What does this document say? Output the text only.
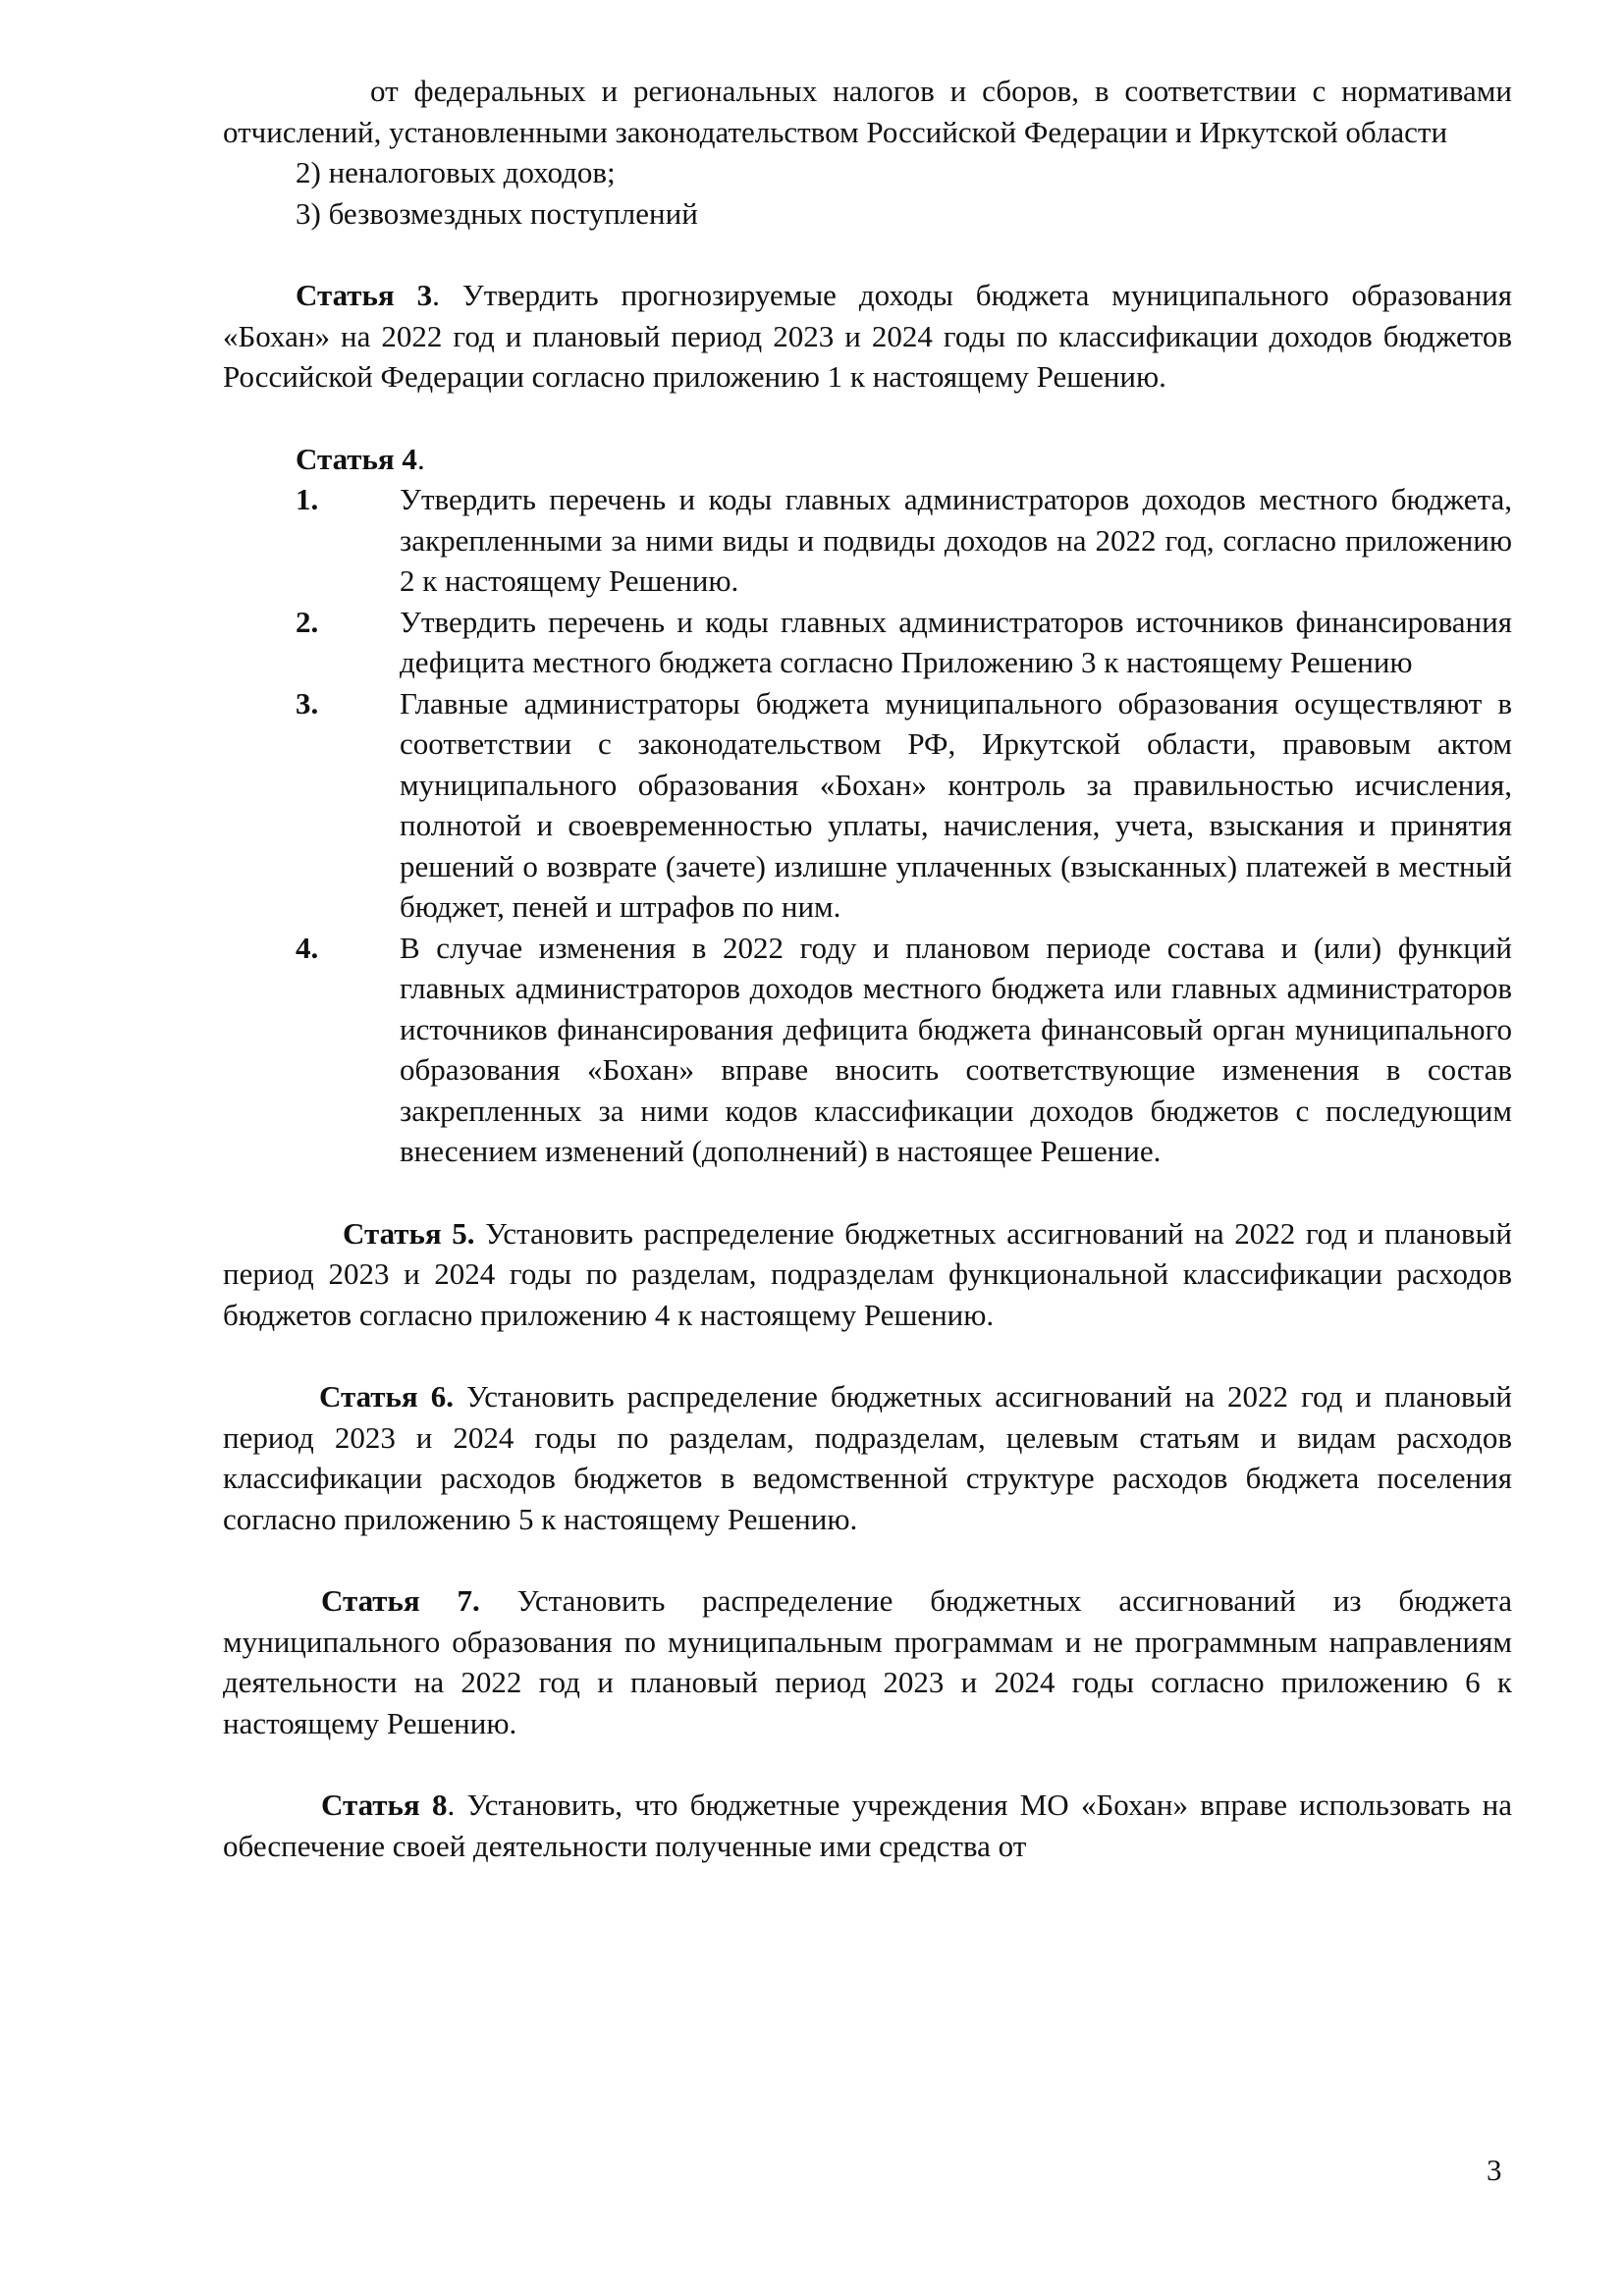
от федеральных и региональных налогов и сборов, в соответствии с нормативами отчислений, установленными законодательством Российской Федерации и Иркутской области

2) неналоговых доходов;

3) безвозмездных поступлений

Статья 3. Утвердить прогнозируемые доходы бюджета муниципального образования «Бохан» на 2022 год и плановый период 2023 и 2024 годы по классификации доходов бюджетов Российской Федерации согласно приложению 1 к настоящему Решению.

Статья 4.

1.	Утвердить перечень и коды главных администраторов доходов местного бюджета, закрепленными за ними виды и подвиды доходов на 2022 год, согласно приложению 2 к настоящему Решению.
2.	Утвердить перечень и коды главных администраторов источников финансирования дефицита местного бюджета согласно Приложению 3 к настоящему Решению
3.	Главные администраторы бюджета муниципального образования осуществляют в соответствии с законодательством РФ, Иркутской области, правовым актом муниципального образования «Бохан» контроль за правильностью исчисления, полнотой и своевременностью уплаты, начисления, учета, взыскания и принятия решений о возврате (зачете) излишне уплаченных (взысканных) платежей в местный бюджет, пеней и штрафов по ним.
4.	В случае изменения в 2022 году и плановом периоде состава и (или) функций главных администраторов доходов местного бюджета или главных администраторов источников финансирования дефицита бюджета финансовый орган муниципального образования «Бохан» вправе вносить соответствующие изменения в состав закрепленных за ними кодов классификации доходов бюджетов с последующим внесением изменений (дополнений) в настоящее Решение.

Статья 5. Установить распределение бюджетных ассигнований на 2022 год и плановый период 2023 и 2024 годы по разделам, подразделам функциональной классификации расходов бюджетов согласно приложению 4 к настоящему Решению.

Статья 6. Установить распределение бюджетных ассигнований на 2022 год и плановый период 2023 и 2024 годы по разделам, подразделам, целевым статьям и видам расходов классификации расходов бюджетов в ведомственной структуре расходов бюджета поселения согласно приложению 5 к настоящему Решению.

Статья 7. Установить распределение бюджетных ассигнований из бюджета муниципального образования по муниципальным программам и не программным направлениям деятельности на 2022 год и плановый период 2023 и 2024 годы согласно приложению 6 к настоящему Решению.

Статья 8. Установить, что бюджетные учреждения МО «Бохан» вправе использовать на обеспечение своей деятельности полученные ими средства от

3
